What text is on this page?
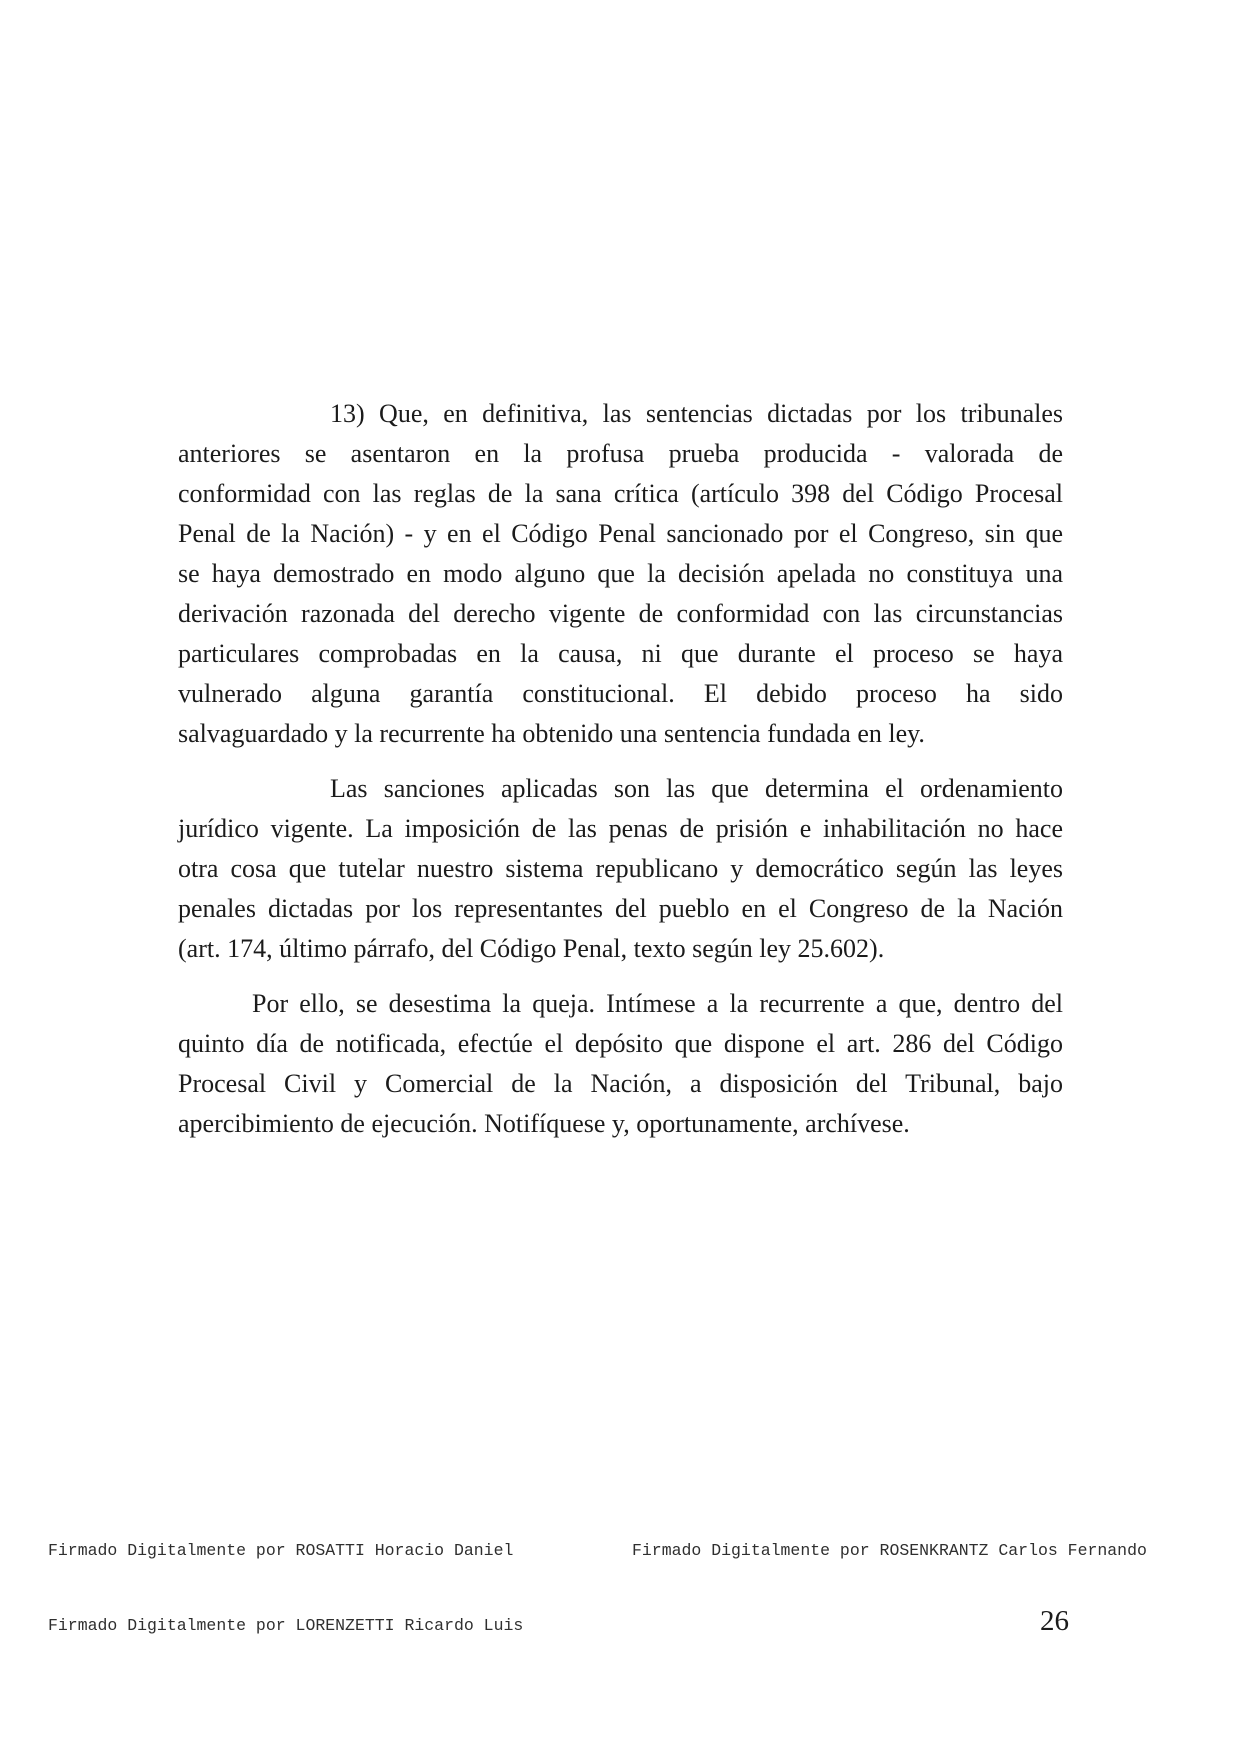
13) Que, en definitiva, las sentencias dictadas por los tribunales
anteriores se asentaron en la profusa prueba producida - valorada de
conformidad con las reglas de la sana crítica (artículo 398 del Código Procesal
Penal de la Nación) - y en el Código Penal sancionado por el Congreso, sin que
se haya demostrado en modo alguno que la decisión apelada no constituya una
derivación razonada del derecho vigente de conformidad con las circunstancias
particulares comprobadas en la causa, ni que durante el proceso se haya
vulnerado alguna garantía constitucional. El debido proceso ha sido
salvaguardado y la recurrente ha obtenido una sentencia fundada en ley.
Las sanciones aplicadas son las que determina el ordenamiento
jurídico vigente. La imposición de las penas de prisión e inhabilitación no hace
otra cosa que tutelar nuestro sistema republicano y democrático según las leyes
penales dictadas por los representantes del pueblo en el Congreso de la Nación
(art. 174, último párrafo, del Código Penal, texto según ley 25.602).
Por ello, se desestima la queja. Intímese a la recurrente a que, dentro del
quinto día de notificada, efectúe el depósito que dispone el art. 286 del Código
Procesal Civil y Comercial de la Nación, a disposición del Tribunal, bajo
apercibimiento de ejecución. Notifíquese y, oportunamente, archívese.
Firmado Digitalmente por ROSATTI Horacio Daniel	Firmado Digitalmente por ROSENKRANTZ Carlos Fernando
Firmado Digitalmente por LORENZETTI Ricardo Luis	26
